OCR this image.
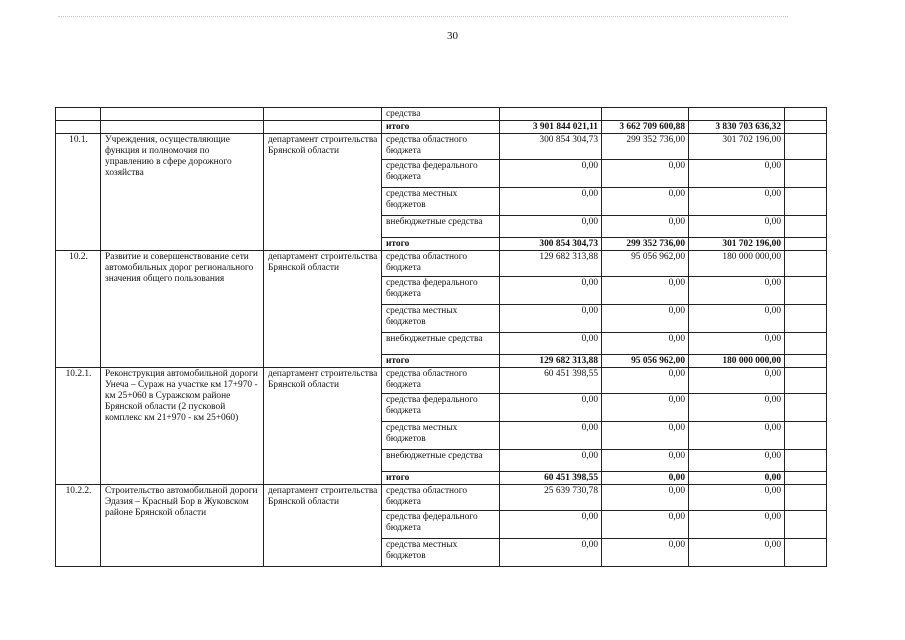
30
			средства				
			итого	3 901 844 021,11	3 662 709 600,88	3 830 703 636,32	
10.1.	Учреждения, осуществляющие функция и полномочия по управлению в сфере дорожного хозяйства	департамент строительства Брянской области	средства областного бюджета	300 854 304,73	299 352 736,00	301 702 196,00	
			средства федерального бюджета	0,00	0,00	0,00	
			средства местных бюджетов	0,00	0,00	0,00	
			внебюджетные средства	0,00	0,00	0,00	
			итого	300 854 304,73	299 352 736,00	301 702 196,00	
10.2.	Развитие и совершенствование сети автомобильных дорог регионального значения общего пользования	департамент строительства Брянской области	средства областного бюджета	129 682 313,88	95 056 962,00	180 000 000,00	
			средства федерального бюджета	0,00	0,00	0,00	
			средства местных бюджетов	0,00	0,00	0,00	
			внебюджетные средства	0,00	0,00	0,00	
			итого	129 682 313,88	95 056 962,00	180 000 000,00	
10.2.1.	Реконструкция автомобильной дороги Унеча – Сураж на участке км 17+970 - км 25+060 в Суражском районе Брянской области (2 пусковой комплекс км 21+970 - км 25+060)	департамент строительства Брянской области	средства областного бюджета	60 451 398,55	0,00	0,00	
			средства федерального бюджета	0,00	0,00	0,00	
			средства местных бюджетов	0,00	0,00	0,00	
			внебюджетные средства	0,00	0,00	0,00	
			итого	60 451 398,55	0,00	0,00	
10.2.2.	Строительство автомобильной дороги Эдазия – Красный Бор в Жуковском районе Брянской области	департамент строительства Брянской области	средства областного бюджета	25 639 730,78	0,00	0,00	
			средства федерального бюджета	0,00	0,00	0,00	
			средства местных бюджетов	0,00	0,00	0,00	
